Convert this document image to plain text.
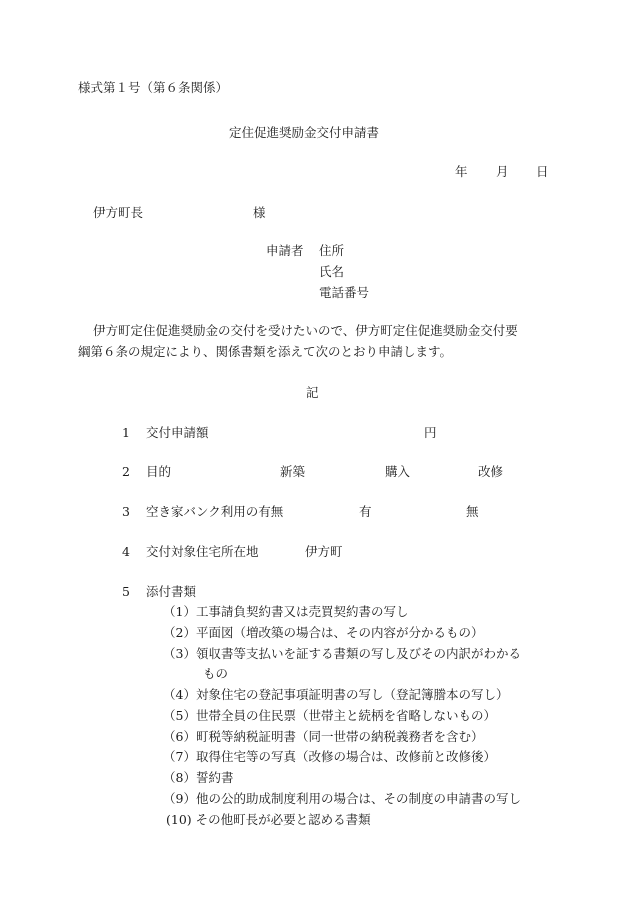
様式第１号（第６条関係）
定住促進奨励金交付申請書
年 月 日
伊方町長	様
申請者 住所
氏名
電話番号
伊方町定住促進奨励金の交付を受けたいので、伊方町定住促進奨励金交付要
綱第６条の規定により、関係書類を添えて次のとおり申請します。
記
1 交付申請額	円
2 目的	新築	購入	改修
3 空き家バンク利用の有無	有	無
4 交付対象住宅所在地	伊方町
5 添付書類
（1）工事請負契約書又は売買契約書の写し
（2）平面図（増改築の場合は、その内容が分かるもの）
（3）領収書等支払いを証する書類の写し及びその内訳がわかる
もの
（4）対象住宅の登記事項証明書の写し（登記簿謄本の写し）
（5）世帯全員の住民票（世帯主と続柄を省略しないもの）
（6）町税等納税証明書（同一世帯の納税義務者を含む）
（7）取得住宅等の写真（改修の場合は、改修前と改修後）
（8）誓約書
（9）他の公的助成制度利用の場合は、その制度の申請書の写し
(10) その他町長が必要と認める書類
